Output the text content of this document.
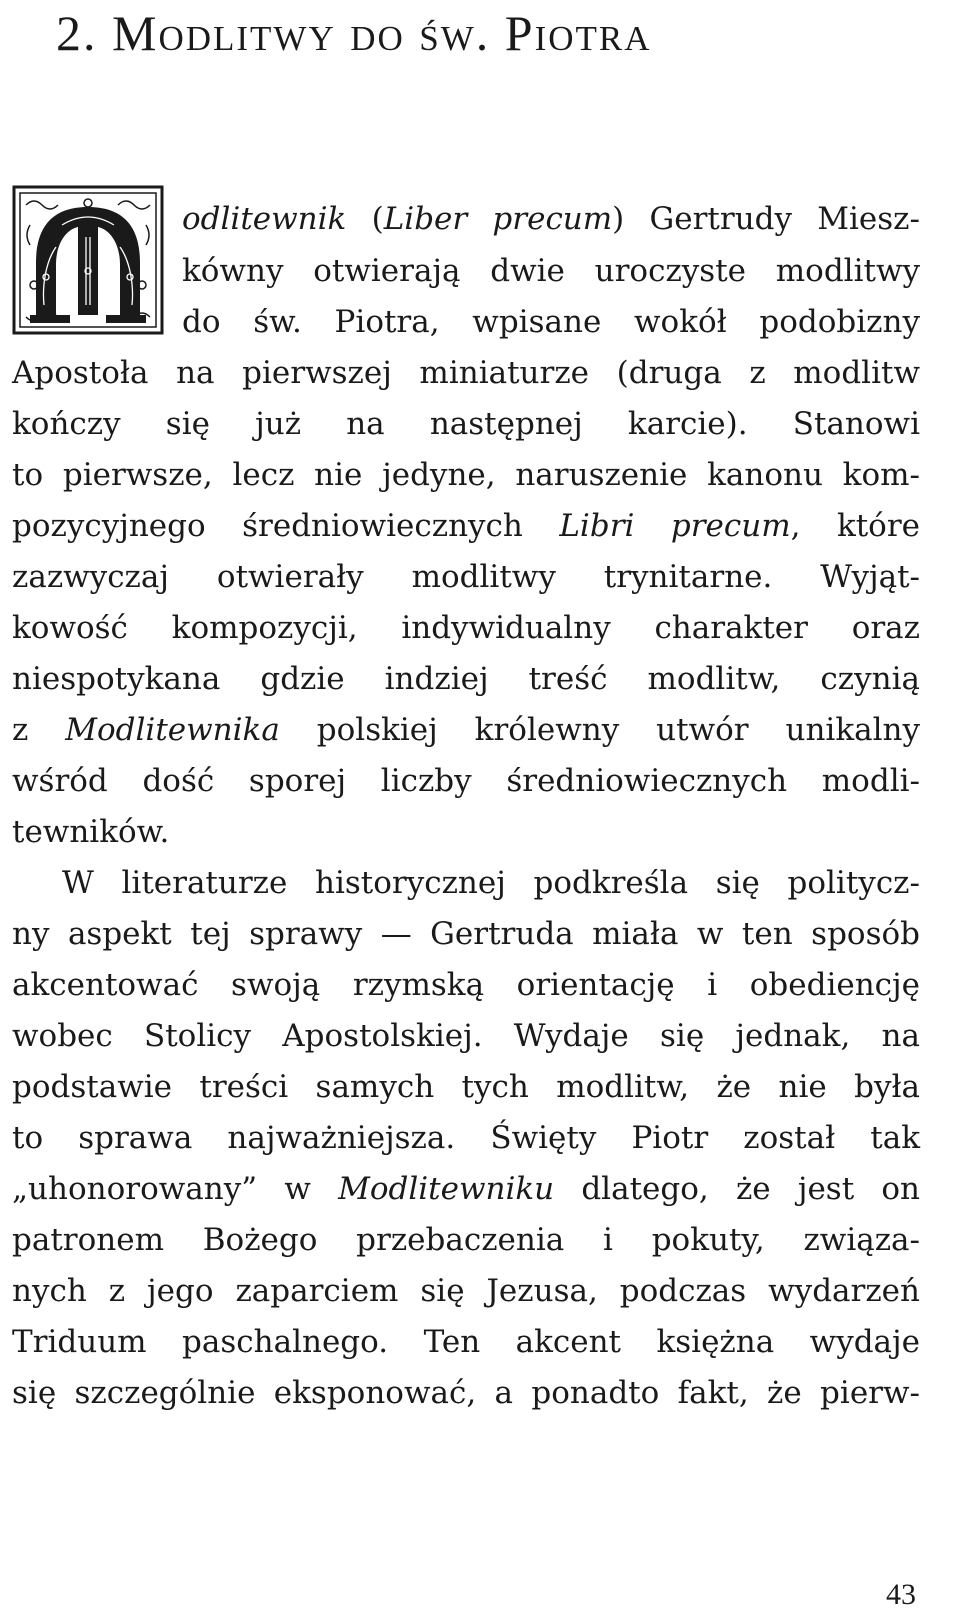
2. Modlitwy do św. Piotra
odlitewnik (Liber precum) Gertrudy Miesz-
kówny otwierają dwie uroczyste modlitwy
do św. Piotra, wpisane wokół podobizny
Apostoła na pierwszej miniaturze (druga z modlitw
kończy się już na następnej karcie). Stanowi
to pierwsze, lecz nie jedyne, naruszenie kanonu kom-
pozycyjnego średniowiecznych Libri precum, które
zazwyczaj otwierały modlitwy trynitarne. Wyjąt-
kowość kompozycji, indywidualny charakter oraz
niespotykana gdzie indziej treść modlitw, czynią
z Modlitewnika polskiej królewny utwór unikalny
wśród dość sporej liczby średniowiecznych modli-
tewników.
W literaturze historycznej podkreśla się politycz-
ny aspekt tej sprawy — Gertruda miała w ten sposób
akcentować swoją rzymską orientację i obediencję
wobec Stolicy Apostolskiej. Wydaje się jednak, na
podstawie treści samych tych modlitw, że nie była
to sprawa najważniejsza. Święty Piotr został tak
„uhonorowany” w Modlitewniku dlatego, że jest on
patronem Bożego przebaczenia i pokuty, związa-
nych z jego zaparciem się Jezusa, podczas wydarzeń
Triduum paschalnego. Ten akcent księżna wydaje
się szczególnie eksponować, a ponadto fakt, że pierw-
43
